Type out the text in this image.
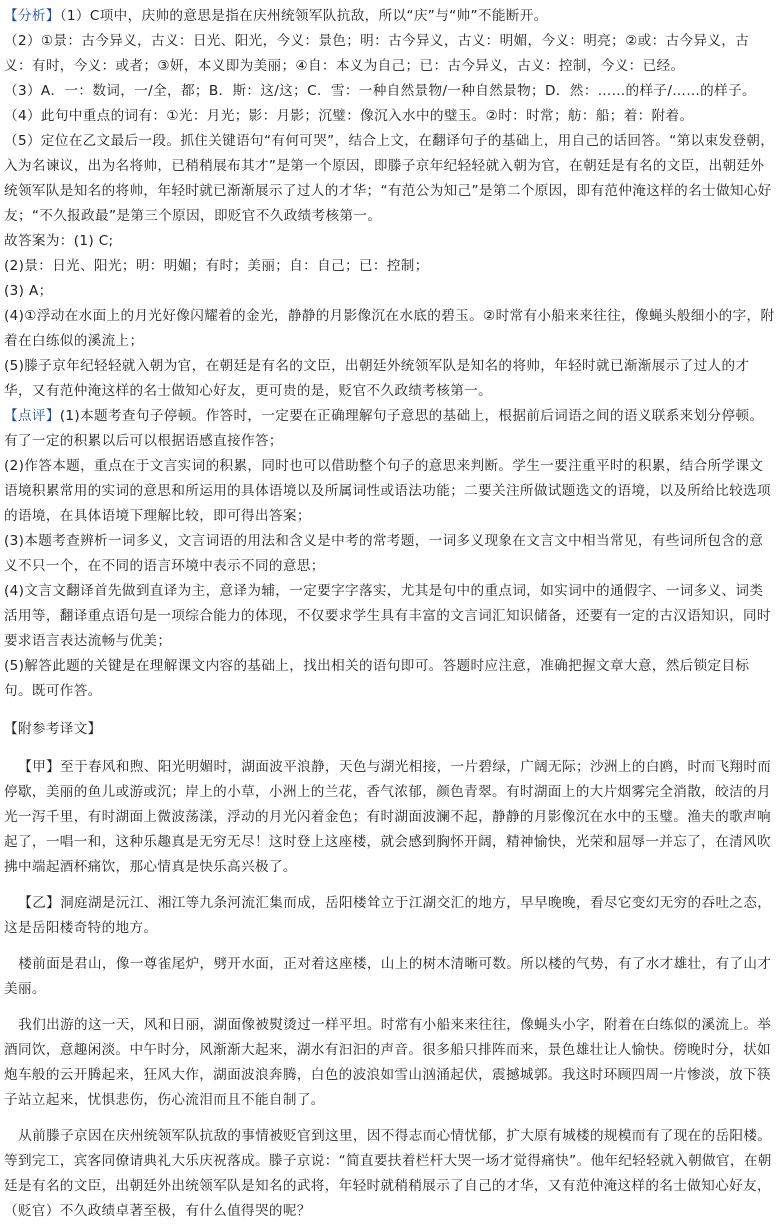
【分析】（1）C项中，庆帅的意思是指在庆州统领军队抗敌，所以“庆”与“帅”不能断开。

（2）①景：古今异义，古义：日光、阳光，今义：景色；明：古今异义，古义：明媚，今义：明亮；②或：古今异义，古义：有时，今义：或者；③妍，本义即为美丽；④自：本义为自己；已：古今异义，古义：控制，今义：已经。

（3）A．一：数词，一/全，都；B．斯：这/这；C．雪：一种自然景物/一种自然景物；D．然：……的样子/……的样子。

（4）此句中重点的词有：①光：月光；影：月影；沉璧：像沉入水中的璧玉。②时：时常；舫：船；着：附着。

（5）定位在乙文最后一段。抓住关键语句“有何可哭”，结合上文，在翻译句子的基础上，用自己的话回答。“第以束发登朝，入为名谏议，出为名将帅，已稍稍展布其才”是第一个原因，即滕子京年纪轻轻就入朝为官，在朝廷是有名的文臣，出朝廷外统领军队是知名的将帅，年轻时就已渐渐展示了过人的才华；“有范公为知己”是第二个原因，即有范仲淹这样的名士做知心好友；“不久报政最”是第三个原因，即贬官不久政绩考核第一。

故答案为：(1) C;

(2)景：日光、阳光；明：明媚；有时；美丽；自：自己；已：控制；

(3) A；

(4)①浮动在水面上的月光好像闪耀着的金光，静静的月影像沉在水底的碧玉。②时常有小船来来往往，像蝇头般细小的字，附着在白练似的溪流上；

(5)滕子京年纪轻轻就入朝为官，在朝廷是有名的文臣，出朝廷外统领军队是知名的将帅，年轻时就已渐渐展示了过人的才华，又有范仲淹这样的名士做知心好友，更可贵的是，贬官不久政绩考核第一。

【点评】(1)本题考查句子停顿。作答时，一定要在正确理解句子意思的基础上，根据前后词语之间的语义联系来划分停顿。有了一定的积累以后可以根据语感直接作答；

(2)作答本题，重点在于文言实词的积累，同时也可以借助整个句子的意思来判断。学生一要注重平时的积累，结合所学课文语境积累常用的实词的意思和所运用的具体语境以及所属词性或语法功能；二要关注所做试题选文的语境，以及所给比较选项的语境，在具体语境下理解比较，即可得出答案；

(3)本题考查辨析一词多义，文言词语的用法和含义是中考的常考题，一词多义现象在文言文中相当常见，有些词所包含的意义不只一个，在不同的语言环境中表示不同的意思；

(4)文言文翻译首先做到直译为主，意译为辅，一定要字字落实，尤其是句中的重点词，如实词中的通假字、一词多义、词类活用等，翻译重点语句是一项综合能力的体现，不仅要求学生具有丰富的文言词汇知识储备，还要有一定的古汉语知识，同时要求语言表达流畅与优美；

(5)解答此题的关键是在理解课文内容的基础上，找出相关的语句即可。答题时应注意，准确把握文章大意，然后锁定目标句。既可作答。

【附参考译文】

【甲】至于春风和煦、阳光明媚时，湖面波平浪静，天色与湖光相接，一片碧绿，广阔无际；沙洲上的白鸥，时而飞翔时而停歇，美丽的鱼儿或游或沉；岸上的小草，小洲上的兰花，香气浓郁，颜色青翠。有时湖面上的大片烟雾完全消散，皎洁的月光一泻千里，有时湖面上微波荡漾，浮动的月光闪着金色；有时湖面波澜不起，静静的月影像沉在水中的玉璧。渔夫的歌声响起了，一唱一和，这种乐趣真是无穷无尽！这时登上这座楼，就会感到胸怀开阔，精神愉快，光荣和屈辱一并忘了，在清风吹拂中端起酒杯痛饮，那心情真是快乐高兴极了。

【乙】洞庭湖是沅江、湘江等九条河流汇集而成，岳阳楼耸立于江湖交汇的地方，早早晚晚，看尽它变幻无穷的吞吐之态，这是岳阳楼奇特的地方。

楼前面是君山，像一尊雀尾炉，劈开水面，正对着这座楼，山上的树木清晰可数。所以楼的气势，有了水才雄壮，有了山才美丽。

我们出游的这一天，风和日丽，湖面像被熨烫过一样平坦。时常有小船来来往往，像蝇头小字，附着在白练似的溪流上。举酒同饮，意趣闲淡。中午时分，风渐渐大起来，湖水有汩汩的声音。很多船只排阵而来，景色雄壮让人愉快。傍晚时分，状如炮车般的云开腾起来，狂风大作，湖面波浪奔腾，白色的波浪如雪山汹涌起伏，震撼城郭。我这时环顾四周一片惨淡，放下筷子站立起来，忧惧悲伤，伤心流泪而且不能自制了。

从前滕子京因在庆州统领军队抗敌的事情被贬官到这里，因不得志而心情忧郁，扩大原有城楼的规模而有了现在的岳阳楼。等到完工，宾客同僚请典礼大乐庆祝落成。滕子京说：“简直要扶着栏杆大哭一场才觉得痛快”。他年纪轻轻就入朝做官，在朝廷是有名的文臣，出朝廷外出统领军队是知名的武将，年轻时就稍稍展示了自己的才华，又有范仲淹这样的名士做知心好友，（贬官）不久政绩卓著至极，有什么值得哭的呢？
